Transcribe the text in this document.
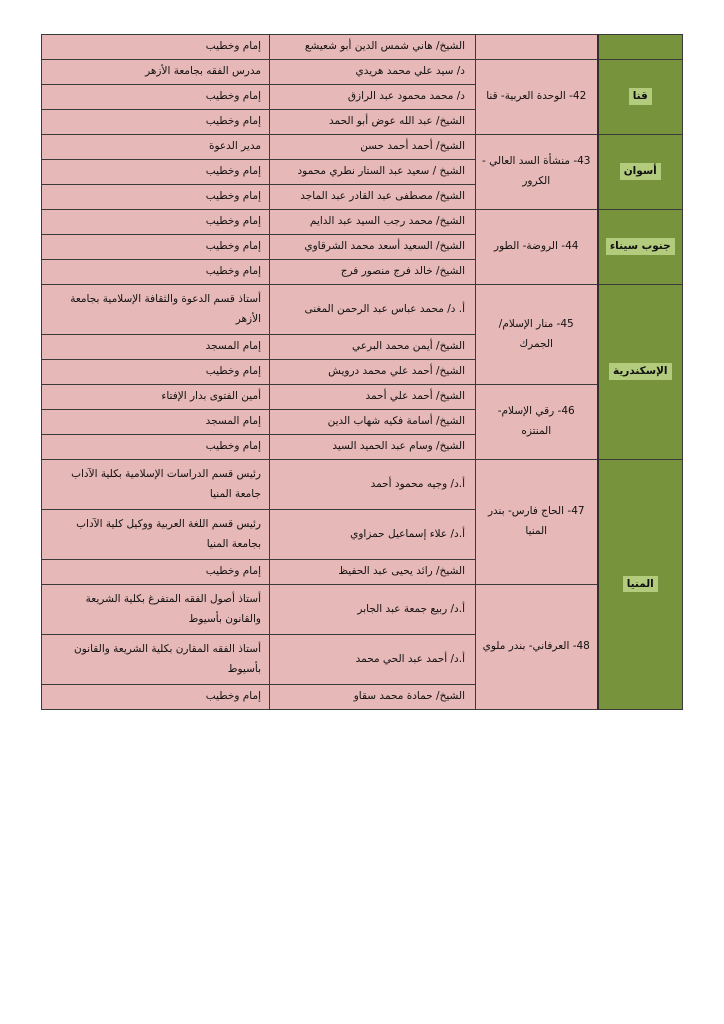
		الشيخ/ هاني شمس الدين أبو شعيشع	إمام وخطيب
قنا	42- الوحدة العربية- قنا	د/ سيد علي محمد هريدي	مدرس الفقه بجامعة الأزهر
		د/ محمد محمود عبد الرازق	إمام وخطيب
		الشيخ/ عبد الله عوض أبو الحمد	إمام وخطيب
أسوان	43- منشأة السد العالي - الكرور	الشيخ/ أحمد أحمد حسن	مدير الدعوة
		الشيخ / سعيد عبد الستار نطري محمود	إمام وخطيب
		الشيخ/ مصطفى عبد القادر عبد الماجد	إمام وخطيب
جنوب سيناء	44- الروضة- الطور	الشيخ/ محمد رجب السيد عبد الدايم	إمام وخطيب
		الشيخ/ السعيد أسعد محمد الشرقاوي	إمام وخطيب
		الشيخ/ خالد فرج منصور فرج	إمام وخطيب
الإسكندرية	45- منار الإسلام/ الجمرك	أ. د/ محمد عباس عبد الرحمن المغنى	أستاذ قسم الدعوة والثقافة الإسلامية بجامعة الأزهر
		الشيخ/ أيمن محمد البرعي	إمام المسجد
		الشيخ/ أحمد علي محمد درويش	إمام وخطيب
	46- رقي الإسلام- المنتزه	الشيخ/ أحمد علي أحمد	أمين الفتوى بدار الإفتاء
		الشيخ/ أسامة فكيه شهاب الدين	إمام المسجد
		الشيخ/ وسام عبد الحميد السيد	إمام وخطيب
المنيا	47- الحاج فارس- بندر المنيا	أ.د/ وجيه محمود أحمد	رئيس قسم الدراسات الإسلامية بكلية الآداب جامعة المنيا
		أ.د/ علاء إسماعيل حمزاوي	رئيس قسم اللغة العربية ووكيل كلية الآداب بجامعة المنيا
		الشيخ/ رائد يحيى عبد الحفيظ	إمام وخطيب
	48- العرفاني- بندر ملوي	أ.د/ ربيع جمعة عبد الجابر	أستاذ أصول الفقه المتفرغ بكلية الشريعة والقانون بأسيوط
		أ.د/ أحمد عبد الحي محمد	أستاذ الفقه المقارن بكلية الشريعة والقانون بأسيوط
		الشيخ/ حمادة محمد سقاو	إمام وخطيب
